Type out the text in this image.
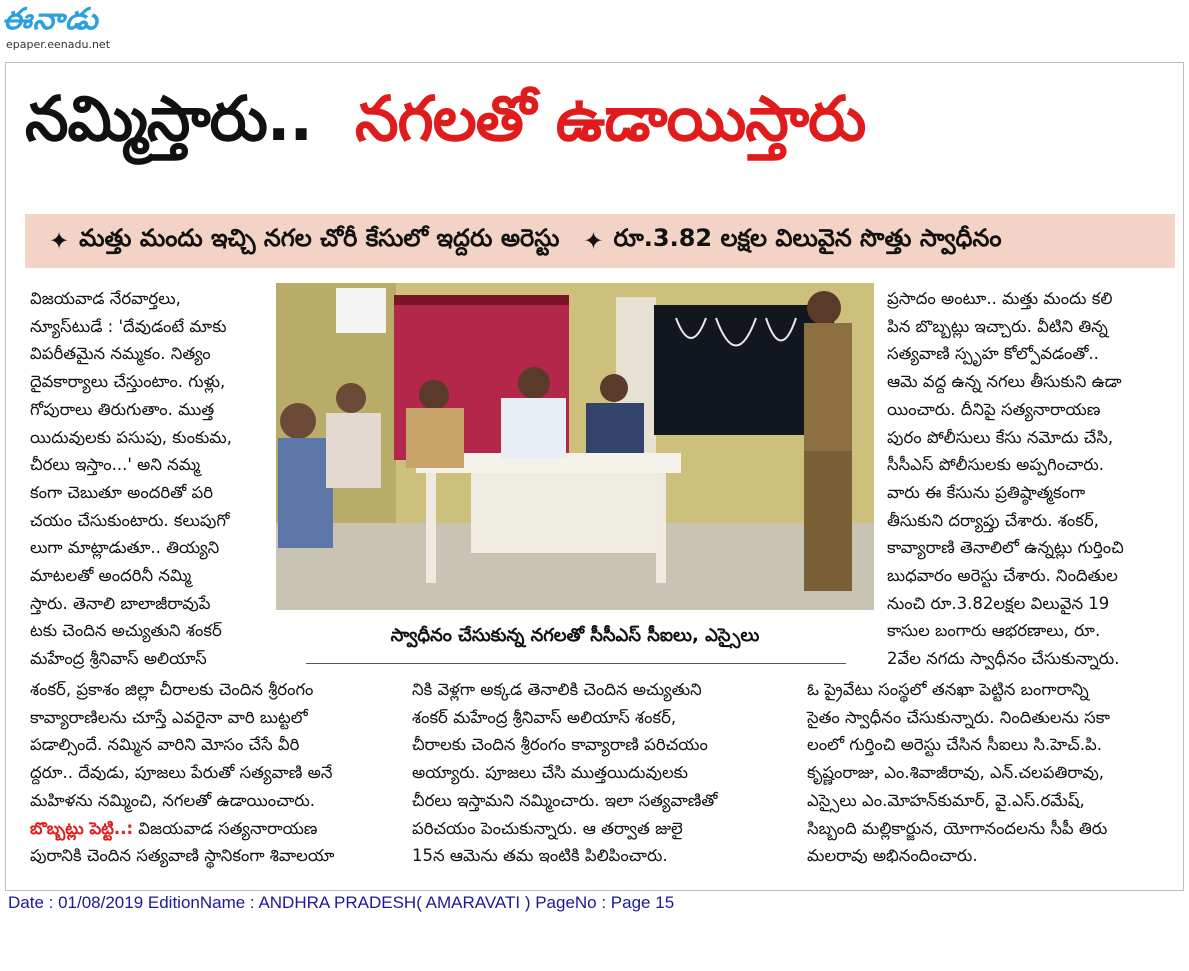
ఈనాడు
epaper.eenadu.net
నమ్మిస్తారు.. నగలతో ఉడాయిస్తారు
✦ మత్తు మందు ఇచ్చి నగల చోరీ కేసులో ఇద్దరు అరెస్టు ✦ రూ.3.82 లక్షల విలువైన సొత్తు స్వాధీనం

విజయవాడ నేరవార్తలు,

న్యూస్‌టుడే : 'దేవుడంటే మాకు

విపరీతమైన నమ్మకం. నిత్యం

దైవకార్యాలు చేస్తుంటాం. గుళ్లు,

గోపురాలు తిరుగుతాం. ముత్త

యిదువులకు పసుపు, కుంకుమ,

చీరలు ఇస్తాం...' అని నమ్మ

కంగా చెబుతూ అందరితో పరి

చయం చేసుకుంటారు. కలుపుగో

లుగా మాట్లాడుతూ.. తియ్యని

మాటలతో అందరినీ నమ్మి

స్తారు. తెనాలి బాలాజీరావుపే

టకు చెందిన అచ్యుతుని శంకర్

మహేంద్ర శ్రీనివాస్ అలియాస్

స్వాధీనం చేసుకున్న నగలతో సీసీఎస్ సీఐలు, ఎస్సైలు

ప్రసాదం అంటూ.. మత్తు మందు కలి

పిన బొబ్బట్లు ఇచ్చారు. వీటిని తిన్న

సత్యవాణి స్పృహ కోల్పోవడంతో..

ఆమె వద్ద ఉన్న నగలు తీసుకుని ఉడా

యించారు. దీనిపై సత్యనారాయణ

పురం పోలీసులు కేసు నమోదు చేసి,

సీసీఎస్ పోలీసులకు అప్పగించారు.

వారు ఈ కేసును ప్రతిష్ఠాత్మకంగా

తీసుకుని దర్యాప్తు చేశారు. శంకర్,

కావ్యారాణి తెనాలిలో ఉన్నట్లు గుర్తించి

బుధవారం అరెస్టు చేశారు. నిందితుల

నుంచి రూ.3.82లక్షల విలువైన 19

కాసుల బంగారు ఆభరణాలు, రూ.

2వేల నగదు స్వాధీనం చేసుకున్నారు.

శంకర్, ప్రకాశం జిల్లా చీరాలకు చెందిన శ్రీరంగం

కావ్యారాణిలను చూస్తే ఎవరైనా వారి బుట్టలో

పడాల్సిందే. నమ్మిన వారిని మోసం చేసే వీరి

ద్దరూ.. దేవుడు, పూజలు పేరుతో సత్యవాణి అనే

మహిళను నమ్మించి, నగలతో ఉడాయించారు.

బొబ్బట్లు పెట్టి..: విజయవాడ సత్యనారాయణ

పురానికి చెందిన సత్యవాణి స్థానికంగా శివాలయా

నికి వెళ్లగా అక్కడ తెనాలికి చెందిన అచ్యుతుని

శంకర్ మహేంద్ర శ్రీనివాస్ అలియాస్ శంకర్,

చీరాలకు చెందిన శ్రీరంగం కావ్యారాణి పరిచయం

అయ్యారు. పూజలు చేసి ముత్తయిదువులకు

చీరలు ఇస్తామని నమ్మించారు. ఇలా సత్యవాణితో

పరిచయం పెంచుకున్నారు. ఆ తర్వాత జులై

15న ఆమెను తమ ఇంటికి పిలిపించారు.

ఓ ప్రైవేటు సంస్థలో తనఖా పెట్టిన బంగారాన్ని

సైతం స్వాధీనం చేసుకున్నారు. నిందితులను సకా

లంలో గుర్తించి అరెస్టు చేసిన సీఐలు సి.హెచ్.పి.

కృష్ణంరాజు, ఎం.శివాజీరావు, ఎన్.చలపతిరావు,

ఎస్సైలు ఎం.మోహన్‌కుమార్, వై.ఎస్.రమేష్,

సిబ్బంది మల్లికార్జున, యోగానందలను సీపీ తిరు

మలరావు అభినందించారు.

Date : 01/08/2019 EditionName : ANDHRA PRADESH( AMARAVATI ) PageNo : Page 15
